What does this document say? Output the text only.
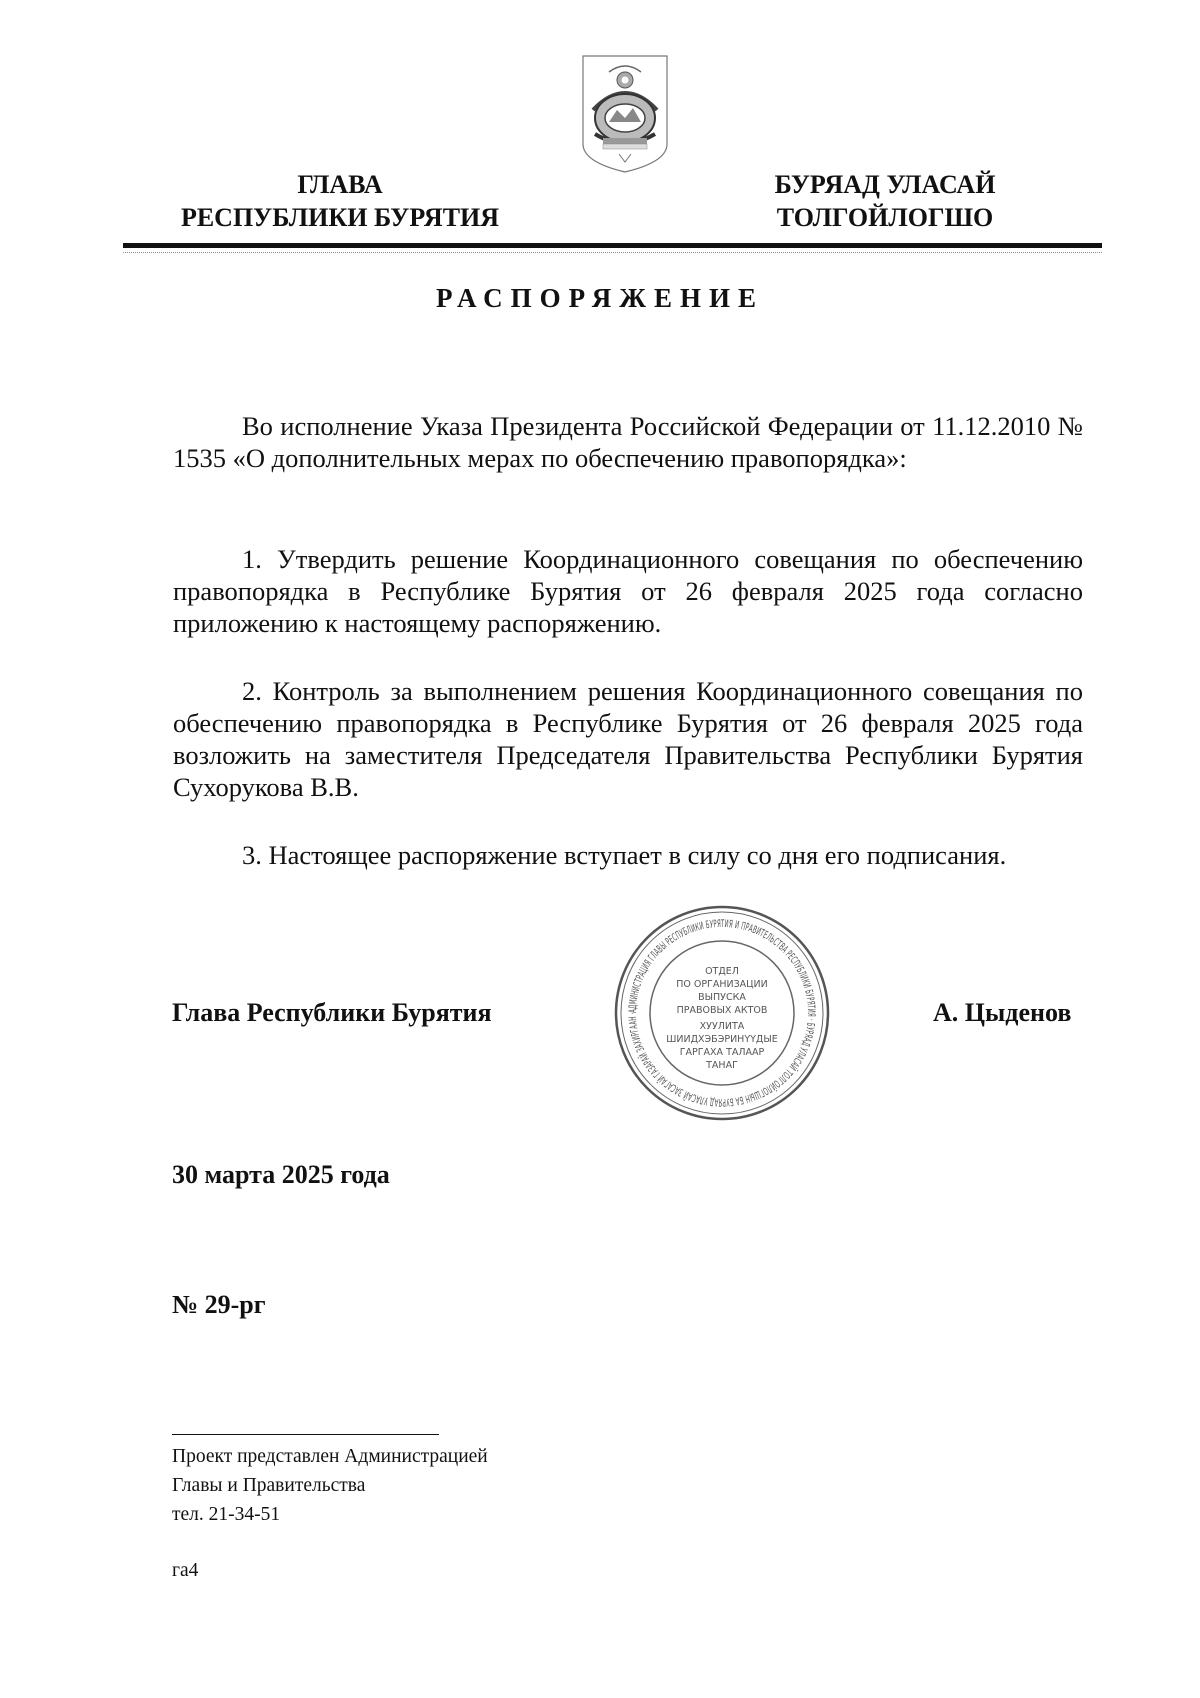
ГЛАВА
РЕСПУБЛИКИ БУРЯТИЯ
БУРЯАД УЛАСАЙ
ТОЛГОЙЛОГШО
РАСПОРЯЖЕНИЕ
Во исполнение Указа Президента Российской Федерации от 11.12.2010 № 1535 «О дополнительных мерах по обеспечению правопорядка»:
1. Утвердить решение Координационного совещания по обеспечению правопорядка в Республике Бурятия от 26 февраля 2025 года согласно приложению к настоящему распоряжению.
2. Контроль за выполнением решения Координационного совещания по обеспечению правопорядка в Республике Бурятия от 26 февраля 2025 года возложить на заместителя Председателя Правительства Республики Бурятия Сухорукова В.В.
3. Настоящее распоряжение вступает в силу со дня его подписания.
Глава Республики Бурятия	АДМИНИСТРАЦИЯ ГЛАВЫ РЕСПУБЛИКИ БУРЯТИЯ И ПРАВИТЕЛЬСТВА РЕСПУБЛИКИ БУРЯТИЯ · БУРЯАД УЛАСАЙ ТОЛГОЙЛОГШЫН БА БУРЯАД УЛАСАЙ ЗАСАГАЙ ГАЗАРАЙ ЗАХИРГААН ·
ОТДЕЛ
ПО ОРГАНИЗАЦИИ
ВЫПУСКА
ПРАВОВЫХ АКТОВ
ХУУЛИТА
ШИИДХЭБЭРИНҮҮДЫЕ
ГАРГАХА ТАЛААР
ТАНАГ
А. Цыденов
30 марта 2025 года
№ 29-рг
Проект представлен Администрацией
Главы и Правительства
тел. 21-34-51
га4
